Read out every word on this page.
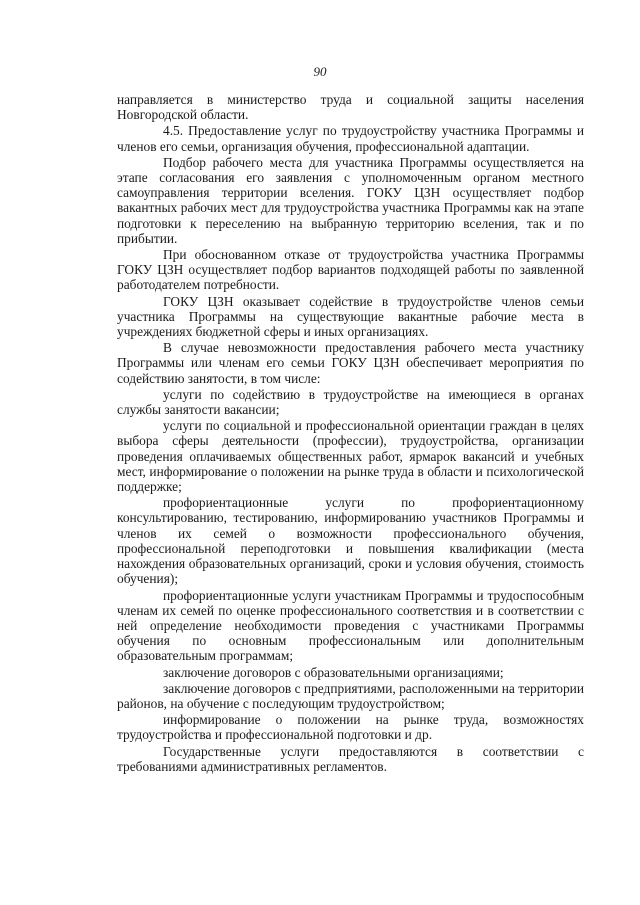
90

направляется в министерство труда и социальной защиты населения Новгородской области.

4.5. Предоставление услуг по трудоустройству участника Программы и членов его семьи, организация обучения, профессиональной адаптации.

Подбор рабочего места для участника Программы осуществляется на этапе согласования его заявления с уполномоченным органом местного самоуправления территории вселения. ГОКУ ЦЗН осуществляет подбор вакантных рабочих мест для трудоустройства участника Программы как на этапе подготовки к переселению на выбранную территорию вселения, так и по прибытии.

При обоснованном отказе от трудоустройства участника Программы ГОКУ ЦЗН осуществляет подбор вариантов подходящей работы по заявленной работодателем потребности.

ГОКУ ЦЗН оказывает содействие в трудоустройстве членов семьи участника Программы на существующие вакантные рабочие места в учреждениях бюджетной сферы и иных организациях.

В случае невозможности предоставления рабочего места участнику Программы или членам его семьи ГОКУ ЦЗН обеспечивает мероприятия по содействию занятости, в том числе:

услуги по содействию в трудоустройстве на имеющиеся в органах службы занятости вакансии;

услуги по социальной и профессиональной ориентации граждан в целях выбора сферы деятельности (профессии), трудоустройства, организации проведения оплачиваемых общественных работ, ярмарок вакансий и учебных мест, информирование о положении на рынке труда в области и психологической поддержке;

профориентационные услуги по профориентационному консультированию, тестированию, информированию участников Программы и членов их семей о возможности профессионального обучения, профессиональной переподготовки и повышения квалификации (места нахождения образовательных организаций, сроки и условия обучения, стоимость обучения);

профориентационные услуги участникам Программы и трудоспособным членам их семей по оценке профессионального соответствия и в соответствии с ней определение необходимости проведения с участниками Программы обучения по основным профессиональным или дополнительным образовательным программам;

заключение договоров с образовательными организациями;

заключение договоров с предприятиями, расположенными на территории районов, на обучение с последующим трудоустройством;

информирование о положении на рынке труда, возможностях трудоустройства и профессиональной подготовки и др.

Государственные услуги предоставляются в соответствии с требованиями административных регламентов.
